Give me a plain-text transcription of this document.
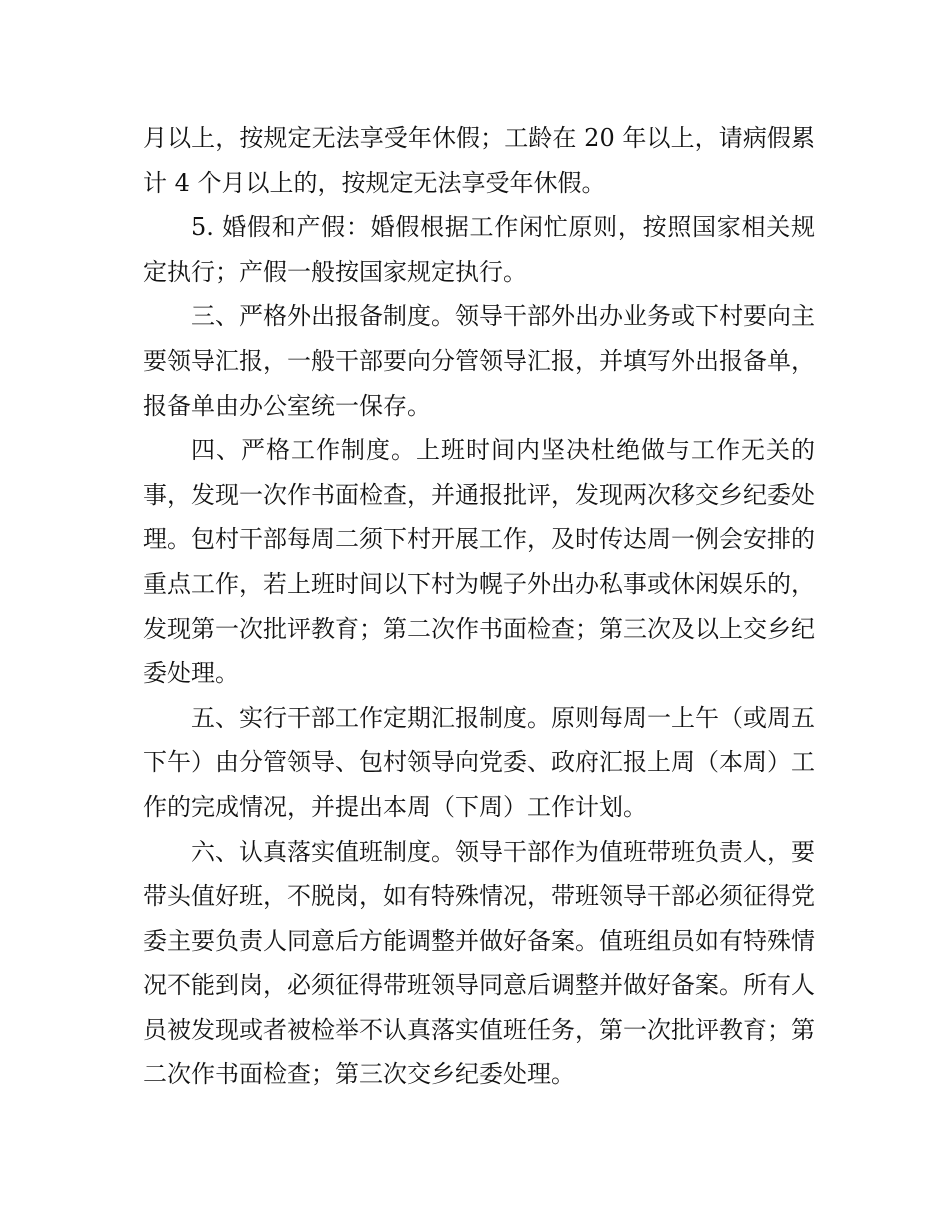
月以上，按规定无法享受年休假；工龄在 20 年以上，请病假累计 4 个月以上的，按规定无法享受年休假。

5. 婚假和产假：婚假根据工作闲忙原则，按照国家相关规定执行；产假一般按国家规定执行。

三、严格外出报备制度。领导干部外出办业务或下村要向主要领导汇报，一般干部要向分管领导汇报，并填写外出报备单，报备单由办公室统一保存。

四、严格工作制度。上班时间内坚决杜绝做与工作无关的事，发现一次作书面检查，并通报批评，发现两次移交乡纪委处理。包村干部每周二须下村开展工作，及时传达周一例会安排的重点工作，若上班时间以下村为幌子外出办私事或休闲娱乐的，发现第一次批评教育；第二次作书面检查；第三次及以上交乡纪委处理。

五、实行干部工作定期汇报制度。原则每周一上午（或周五下午）由分管领导、包村领导向党委、政府汇报上周（本周）工作的完成情况，并提出本周（下周）工作计划。

六、认真落实值班制度。领导干部作为值班带班负责人，要带头值好班，不脱岗，如有特殊情况，带班领导干部必须征得党委主要负责人同意后方能调整并做好备案。值班组员如有特殊情况不能到岗，必须征得带班领导同意后调整并做好备案。所有人员被发现或者被检举不认真落实值班任务，第一次批评教育；第二次作书面检查；第三次交乡纪委处理。
